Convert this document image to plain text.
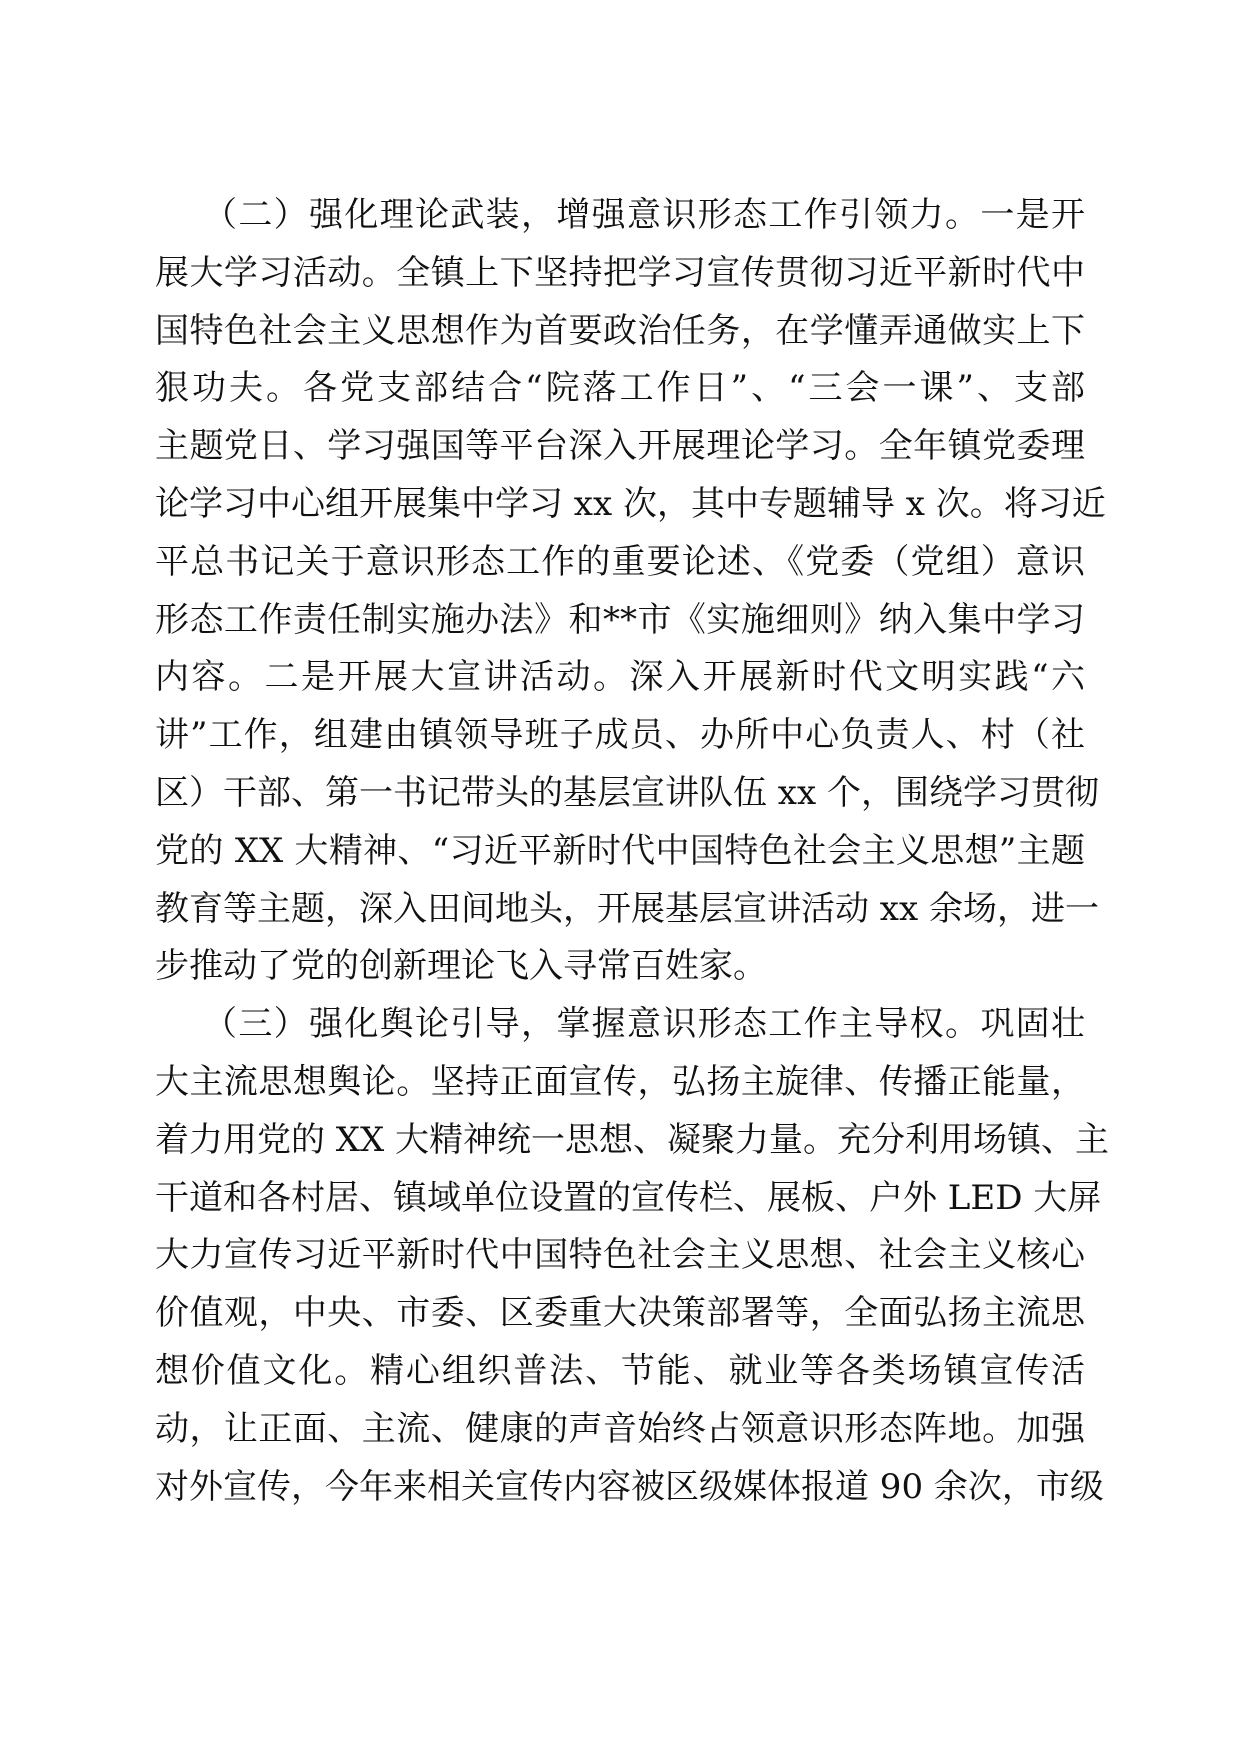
（二）强化理论武装，增强意识形态工作引领力。一是开
展大学习活动。全镇上下坚持把学习宣传贯彻习近平新时代中
国特色社会主义思想作为首要政治任务，在学懂弄通做实上下
狠功夫。各党支部结合“院落工作日”、“三会一课”、支部
主题党日、学习强国等平台深入开展理论学习。全年镇党委理
论学习中心组开展集中学习 xx 次，其中专题辅导 x 次。将习近
平总书记关于意识形态工作的重要论述、《党委（党组）意识
形态工作责任制实施办法》和**市《实施细则》纳入集中学习
内容。二是开展大宣讲活动。深入开展新时代文明实践“六
讲”工作，组建由镇领导班子成员、办所中心负责人、村（社
区）干部、第一书记带头的基层宣讲队伍 xx 个，围绕学习贯彻
党的 XX 大精神、“习近平新时代中国特色社会主义思想”主题
教育等主题，深入田间地头，开展基层宣讲活动 xx 余场，进一
步推动了党的创新理论飞入寻常百姓家。
（三）强化舆论引导，掌握意识形态工作主导权。巩固壮
大主流思想舆论。坚持正面宣传，弘扬主旋律、传播正能量，
着力用党的 XX 大精神统一思想、凝聚力量。充分利用场镇、主
干道和各村居、镇域单位设置的宣传栏、展板、户外 LED 大屏
大力宣传习近平新时代中国特色社会主义思想、社会主义核心
价值观，中央、市委、区委重大决策部署等，全面弘扬主流思
想价值文化。精心组织普法、节能、就业等各类场镇宣传活
动，让正面、主流、健康的声音始终占领意识形态阵地。加强
对外宣传，今年来相关宣传内容被区级媒体报道 90 余次，市级
